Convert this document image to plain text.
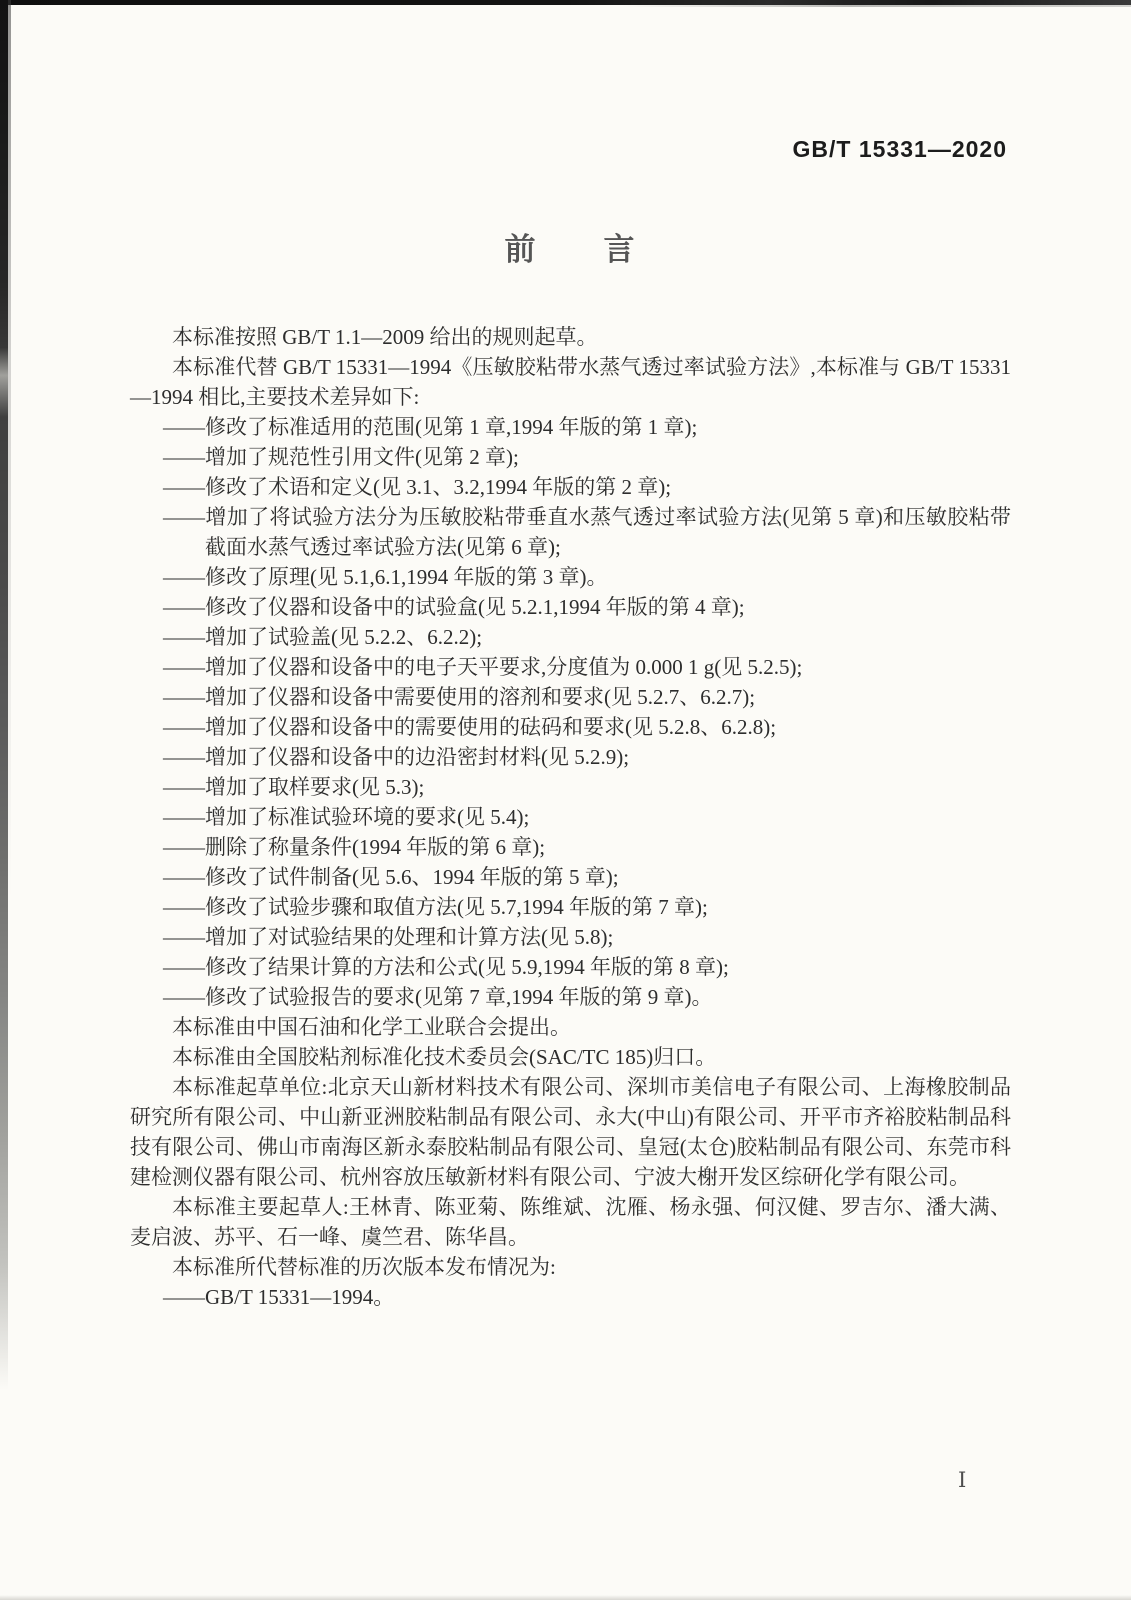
GB/T 15331—2020
前　　言

本标准按照 GB/T 1.1—2009 给出的规则起草。

本标准代替 GB/T 15331—1994《压敏胶粘带水蒸气透过率试验方法》,本标准与 GB/T 15331—1994 相比,主要技术差异如下:

——修改了标准适用的范围(见第 1 章,1994 年版的第 1 章);

——增加了规范性引用文件(见第 2 章);

——修改了术语和定义(见 3.1、3.2,1994 年版的第 2 章);

——增加了将试验方法分为压敏胶粘带垂直水蒸气透过率试验方法(见第 5 章)和压敏胶粘带截面水蒸气透过率试验方法(见第 6 章);

——修改了原理(见 5.1,6.1,1994 年版的第 3 章)。

——修改了仪器和设备中的试验盒(见 5.2.1,1994 年版的第 4 章);

——增加了试验盖(见 5.2.2、6.2.2);

——增加了仪器和设备中的电子天平要求,分度值为 0.000 1 g(见 5.2.5);

——增加了仪器和设备中需要使用的溶剂和要求(见 5.2.7、6.2.7);

——增加了仪器和设备中的需要使用的砝码和要求(见 5.2.8、6.2.8);

——增加了仪器和设备中的边沿密封材料(见 5.2.9);

——增加了取样要求(见 5.3);

——增加了标准试验环境的要求(见 5.4);

——删除了称量条件(1994 年版的第 6 章);

——修改了试件制备(见 5.6、1994 年版的第 5 章);

——修改了试验步骤和取值方法(见 5.7,1994 年版的第 7 章);

——增加了对试验结果的处理和计算方法(见 5.8);

——修改了结果计算的方法和公式(见 5.9,1994 年版的第 8 章);

——修改了试验报告的要求(见第 7 章,1994 年版的第 9 章)。

本标准由中国石油和化学工业联合会提出。

本标准由全国胶粘剂标准化技术委员会(SAC/TC 185)归口。

本标准起草单位:北京天山新材料技术有限公司、深圳市美信电子有限公司、上海橡胶制品研究所有限公司、中山新亚洲胶粘制品有限公司、永大(中山)有限公司、开平市齐裕胶粘制品科技有限公司、佛山市南海区新永泰胶粘制品有限公司、皇冠(太仓)胶粘制品有限公司、东莞市科建检测仪器有限公司、杭州容放压敏新材料有限公司、宁波大榭开发区综研化学有限公司。

本标准主要起草人:王林青、陈亚菊、陈维斌、沈雁、杨永强、何汉健、罗吉尔、潘大满、麦启波、苏平、石一峰、虞竺君、陈华昌。

本标准所代替标准的历次版本发布情况为:

——GB/T 15331—1994。

Ⅰ
